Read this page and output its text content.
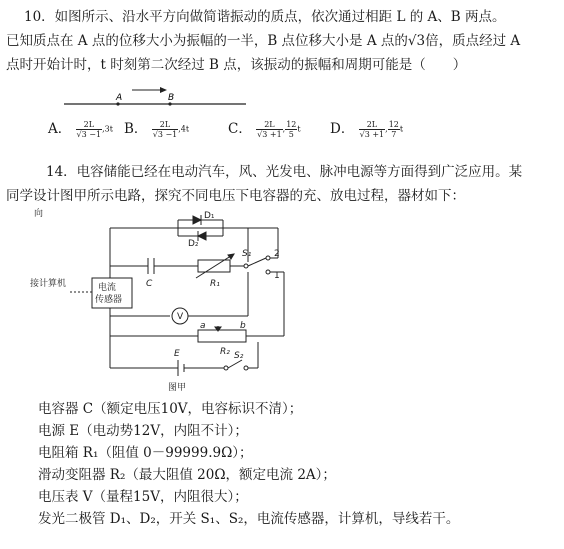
10．如图所示、沿水平方向做简谐振动的质点，依次通过相距 L 的 A、B 两点。
已知质点在 A 点的位移大小为振幅的一半，B 点位移大小是 A 点的√3倍，质点经过 A
点时开始计时，t 时刻第二次经过 B 点，该振动的振幅和周期可能是（　　）
A	B
A． $\frac{2L}{√3 -1} ,3t$ B． $\frac{2L}{√3 -1} ,4t$	C． $\frac{2L}{√3 +1}$ , $\frac{12}{5}$ t D． $\frac{2L}{√3 +1}$ , $\frac{12}{7}$ t
14．电容储能已经在电动汽车，风、光发电、脉冲电源等方面得到广泛应用。某
同学设计图甲所示电路，探究不同电压下电容器的充、放电过程，器材如下：
向	D₁
D₂
C	R₁
S₁	2
1
接计算机	电流
传感器
V
a	b
R₂
E	S₂
图甲
电容器 C（额定电压10V，电容标识不清）；
电源 E（电动势12V，内阻不计）；
电阻箱 R₁（阻值 0－99999.9Ω）；
滑动变阻器 R₂（最大阻值 20Ω，额定电流 2A）；
电压表 V（量程15V，内阻很大）；
发光二极管 D₁、D₂，开关 S₁、S₂，电流传感器，计算机，导线若干。
